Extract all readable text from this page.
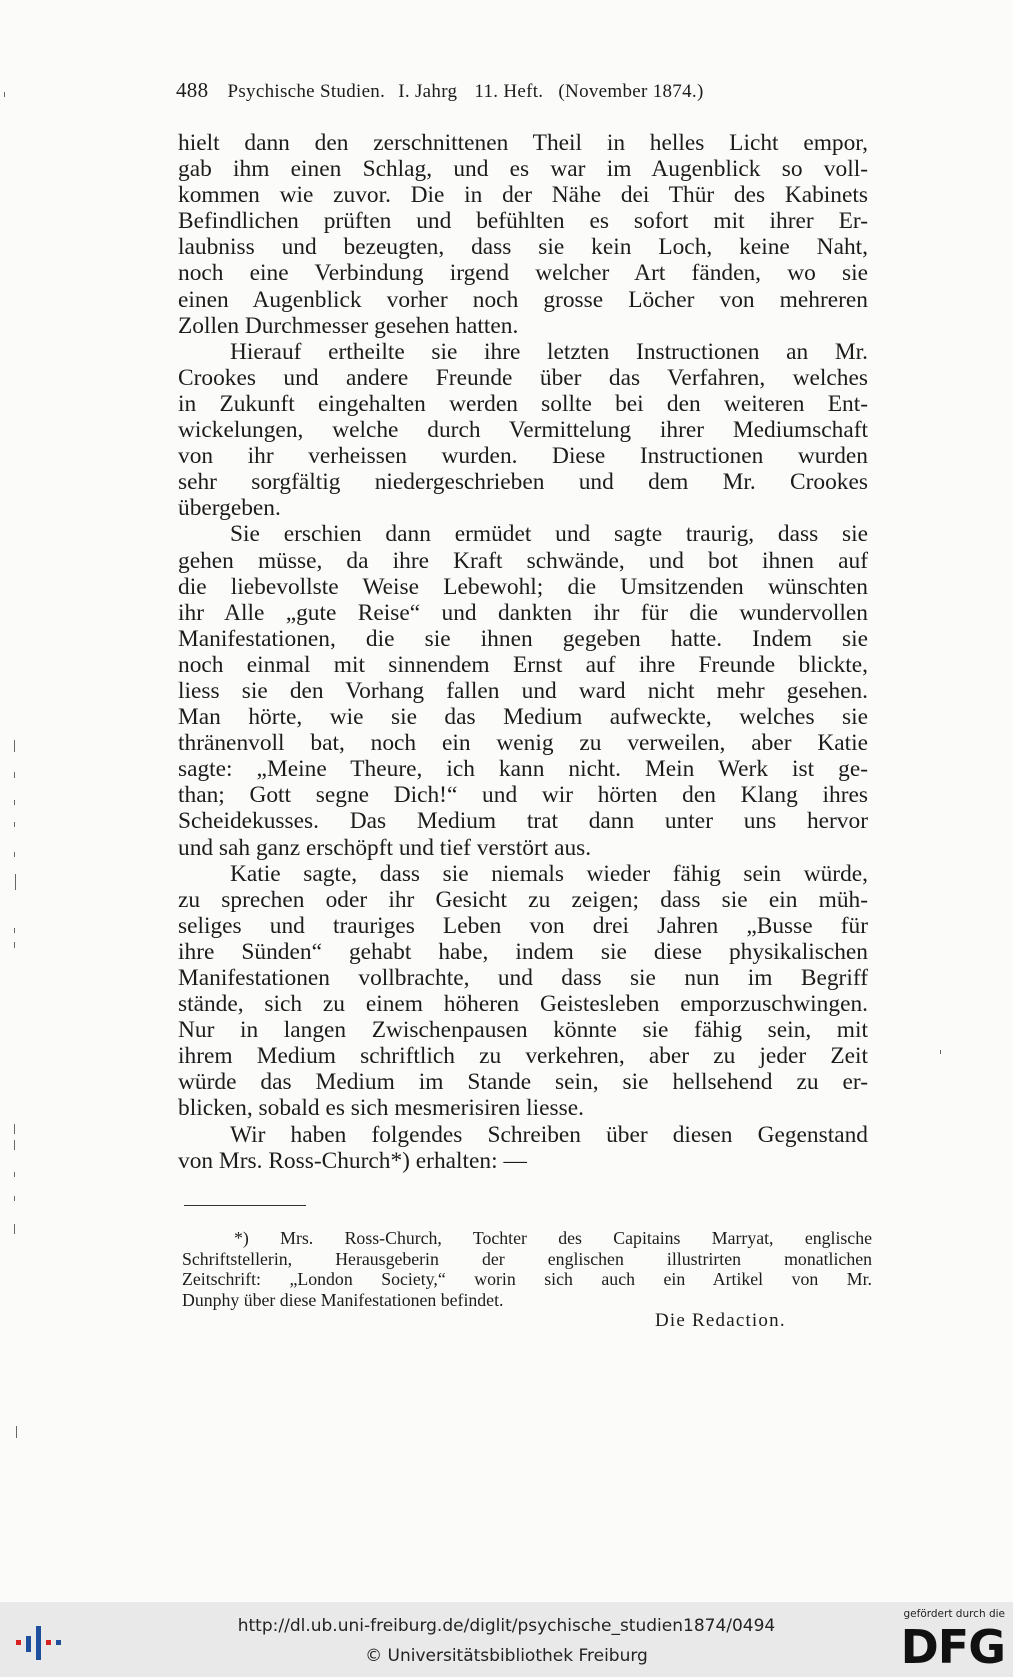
488 Psychische Studien. I. Jahrg 11. Heft. (November 1874.)
hielt dann den zerschnittenen Theil in helles Licht empor,
gab ihm einen Schlag, und es war im Augenblick so voll-
kommen wie zuvor. Die in der Nähe dei Thür des Kabinets
Befindlichen prüften und befühlten es sofort mit ihrer Er-
laubniss und bezeugten, dass sie kein Loch, keine Naht,
noch eine Verbindung irgend welcher Art fänden, wo sie
einen Augenblick vorher noch grosse Löcher von mehreren
Zollen Durchmesser gesehen hatten.
Hierauf ertheilte sie ihre letzten Instructionen an Mr.
Crookes und andere Freunde über das Verfahren, welches
in Zukunft eingehalten werden sollte bei den weiteren Ent-
wickelungen, welche durch Vermittelung ihrer Mediumschaft
von ihr verheissen wurden. Diese Instructionen wurden
sehr sorgfältig niedergeschrieben und dem Mr. Crookes
übergeben.
Sie erschien dann ermüdet und sagte traurig, dass sie
gehen müsse, da ihre Kraft schwände, und bot ihnen auf
die liebevollste Weise Lebewohl; die Umsitzenden wünschten
ihr Alle „gute Reise“ und dankten ihr für die wundervollen
Manifestationen, die sie ihnen gegeben hatte. Indem sie
noch einmal mit sinnendem Ernst auf ihre Freunde blickte,
liess sie den Vorhang fallen und ward nicht mehr gesehen.
Man hörte, wie sie das Medium aufweckte, welches sie
thränenvoll bat, noch ein wenig zu verweilen, aber Katie
sagte: „Meine Theure, ich kann nicht. Mein Werk ist ge-
than; Gott segne Dich!“ und wir hörten den Klang ihres
Scheidekusses. Das Medium trat dann unter uns hervor
und sah ganz erschöpft und tief verstört aus.
Katie sagte, dass sie niemals wieder fähig sein würde,
zu sprechen oder ihr Gesicht zu zeigen; dass sie ein müh-
seliges und trauriges Leben von drei Jahren „Busse für
ihre Sünden“ gehabt habe, indem sie diese physikalischen
Manifestationen vollbrachte, und dass sie nun im Begriff
stände, sich zu einem höheren Geistesleben emporzuschwingen.
Nur in langen Zwischenpausen könnte sie fähig sein, mit
ihrem Medium schriftlich zu verkehren, aber zu jeder Zeit
würde das Medium im Stande sein, sie hellsehend zu er-
blicken, sobald es sich mesmerisiren liesse.
Wir haben folgendes Schreiben über diesen Gegenstand
von Mrs. Ross-Church*) erhalten: —
*) Mrs. Ross-Church, Tochter des Capitains Marryat, englische
Schriftstellerin, Herausgeberin der englischen illustrirten monatlichen
Zeitschrift: „London Society,“ worin sich auch ein Artikel von Mr.
Dunphy über diese Manifestationen befindet.
Die Redaction.
http://dl.ub.uni-freiburg.de/diglit/psychische_studien1874/0494
© Universitätsbibliothek Freiburg
gefördert durch die
DFG
